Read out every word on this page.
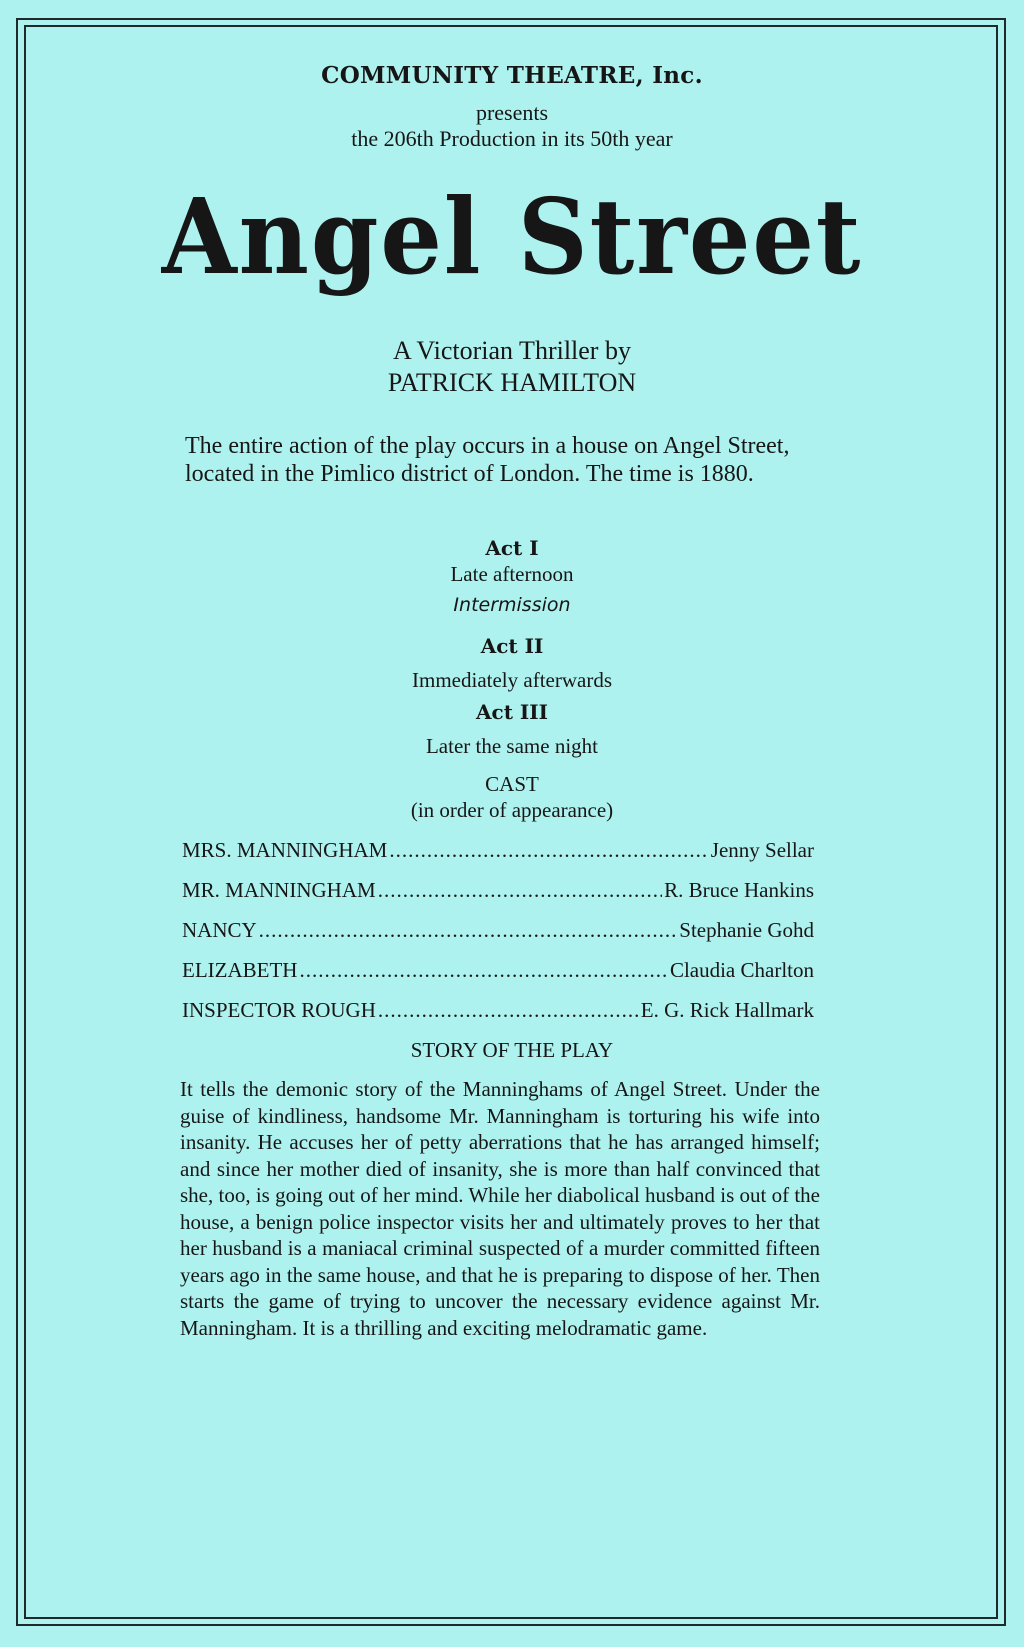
COMMUNITY THEATRE, Inc.
presents
the 206th Production in its 50th year
Angel Street
A Victorian Thriller by
PATRICK HAMILTON
The entire action of the play occurs in a house on Angel Street, located in the Pimlico district of London. The time is 1880.
Act I
Late afternoon
Intermission
Act II
Immediately afterwards
Act III
Later the same night
CAST
(in order of appearance)
MRS. MANNINGHAM .....	Jenny Sellar
MR. MANNINGHAM .....	R. Bruce Hankins
NANCY .....	Stephanie Gohd
ELIZABETH .....	Claudia Charlton
INSPECTOR ROUGH .....	E. G. Rick Hallmark
STORY OF THE PLAY
It tells the demonic story of the Manninghams of Angel Street. Under the guise of kindliness, handsome Mr. Manningham is torturing his wife into insanity. He accuses her of petty aberrations that he has arranged himself; and since her mother died of insanity, she is more than half convinced that she, too, is going out of her mind. While her diabolical husband is out of the house, a benign police inspector visits her and ultimately proves to her that her husband is a maniacal criminal suspected of a murder committed fifteen years ago in the same house, and that he is preparing to dispose of her. Then starts the game of trying to uncover the necessary evidence against Mr. Manningham. It is a thrilling and exciting melodramatic game.
